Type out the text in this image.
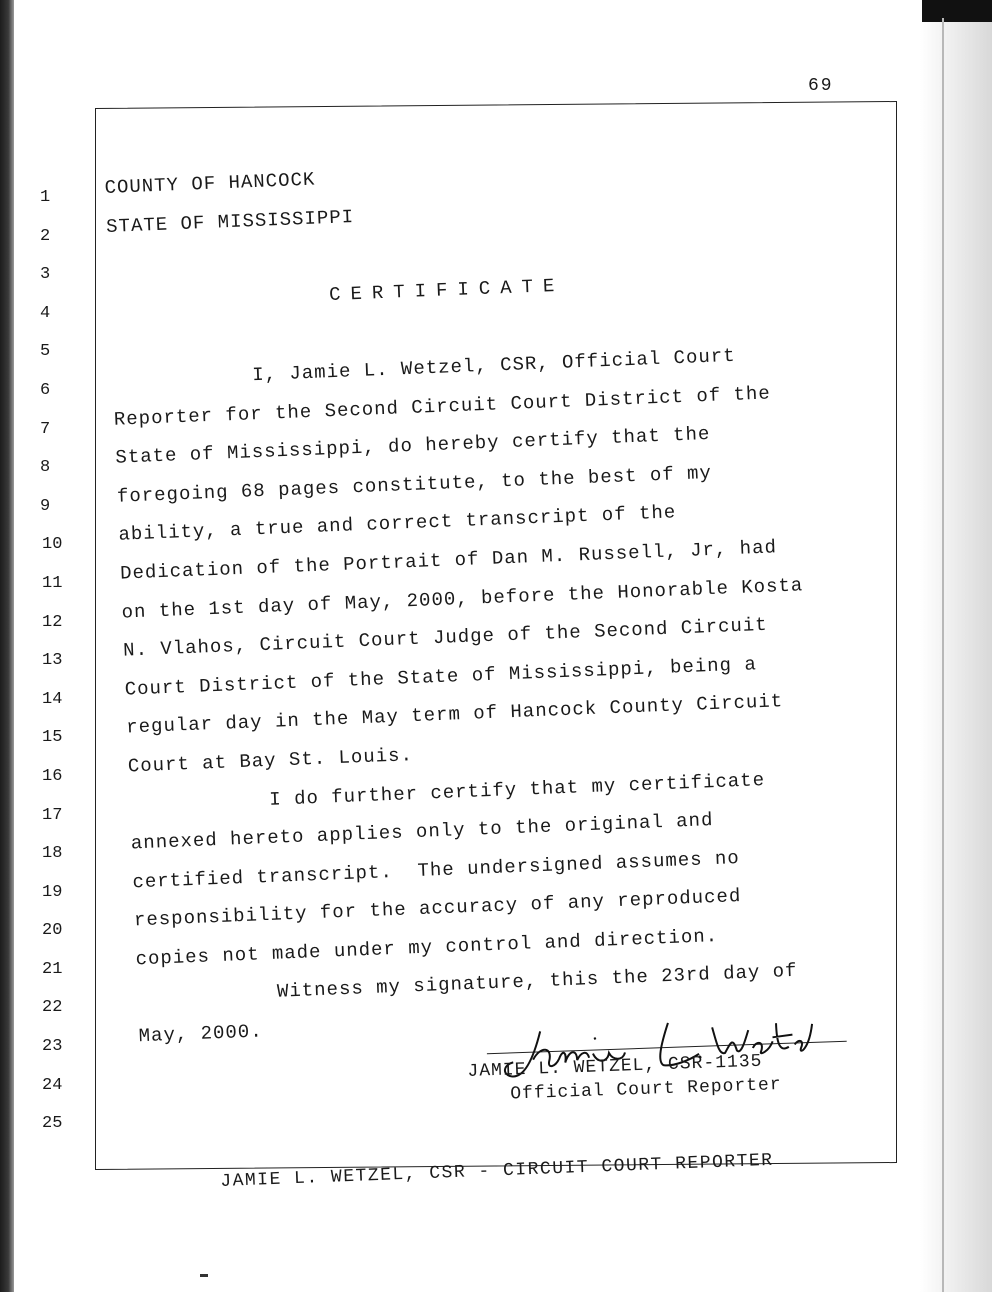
69
1
2
3
4
5
6
7
8
9
10
11
12
13
14
15
16
17
18
19
20
21
22
23
24
25
COUNTY OF HANCOCK
STATE OF MISSISSIPPI
CERTIFICATE
I, Jamie L. Wetzel, CSR, Official Court
Reporter for the Second Circuit Court District of the
State of Mississippi, do hereby certify that the
foregoing 68 pages constitute, to the best of my
ability, a true and correct transcript of the
Dedication of the Portrait of Dan M. Russell, Jr, had
on the 1st day of May, 2000, before the Honorable Kosta
N. Vlahos, Circuit Court Judge of the Second Circuit
Court District of the State of Mississippi, being a
regular day in the May term of Hancock County Circuit
Court at Bay St. Louis.
I do further certify that my certificate
annexed hereto applies only to the original and
certified transcript.  The undersigned assumes no
responsibility for the accuracy of any reproduced
copies not made under my control and direction.
Witness my signature, this the 23rd day of
May, 2000.
JAMIE L. WETZEL, CSR-1135
Official Court Reporter
JAMIE L. WETZEL, CSR - CIRCUIT COURT REPORTER
